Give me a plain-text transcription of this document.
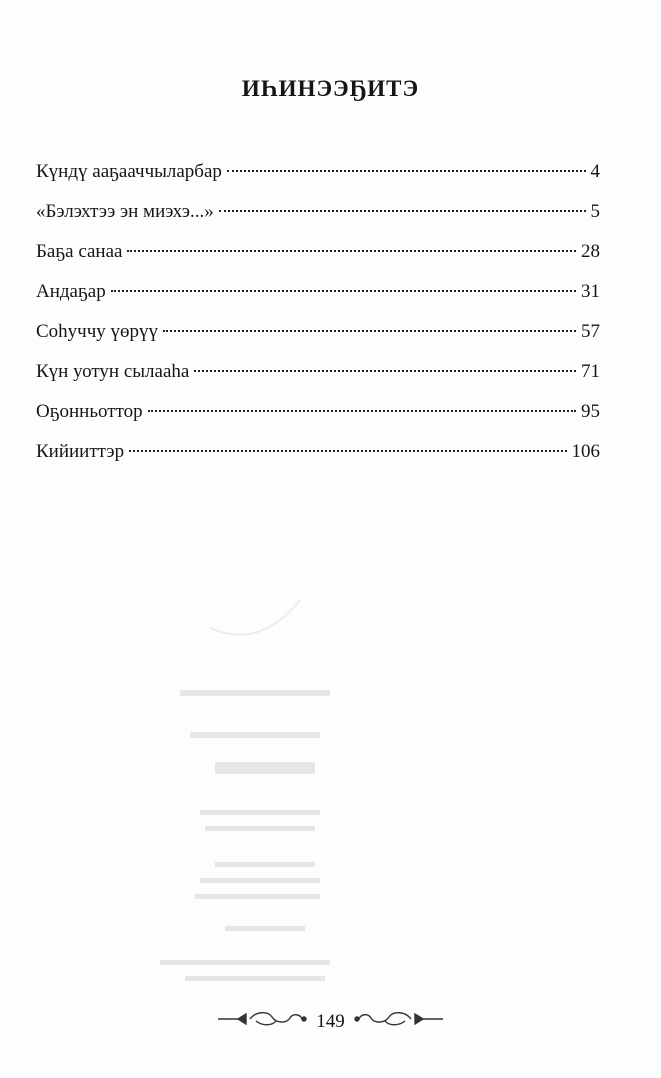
ИҺИНЭЭҔИТЭ
Күндү ааҕааччыларбар	4
«Бэлэхтээ эн миэхэ...»	5
Баҕа санаа	28
Андаҕар	31
Соһуччу үөрүү	57
Күн уотун сылааһа	71
Оҕонньоттор	95
Кийииттэр	106
149
